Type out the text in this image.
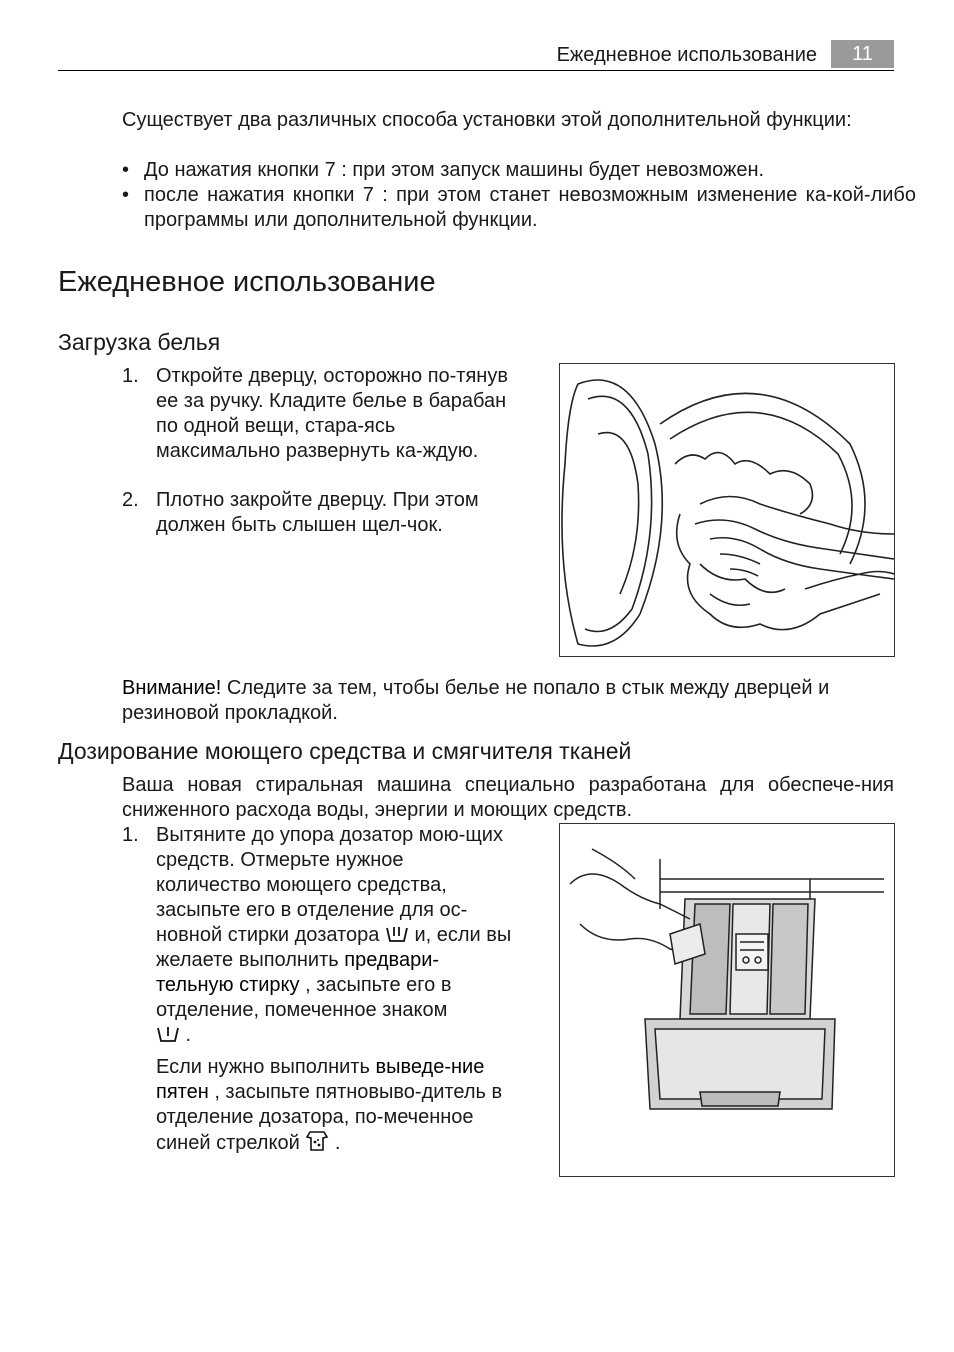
Ежедневное использование	11
Существует два различных способа установки этой дополнительной функции:
• До нажатия кнопки 7 : при этом запуск машины будет невозможен.
• после нажатия кнопки 7 : при этом станет невозможным изменение ка-кой-либо программы или дополнительной функции.
Ежедневное использование
Загрузка белья
1. Откройте дверцу, осторожно по-тянув ее за ручку. Кладите белье в барабан по одной вещи, стара-ясь максимально развернуть ка-ждую.
2. Плотно закройте дверцу. При этом должен быть слышен щел-чок.
Внимание! Следите за тем, чтобы белье не попало в стык между дверцей и резиновой прокладкой.
Дозирование моющего средства и смягчителя тканей
Ваша новая стиральная машина специально разработана для обеспече-ния сниженного расхода воды, энергии и моющих средств.
1. Вытяните до упора дозатор мою-щих средств. Отмерьте нужное количество моющего средства, засыпьте его в отделение для ос-новной стирки дозатора  и, если вы желаете выполнить предвари-тельную стирку , засыпьте его в отделение, помеченное знаком
.
Если нужно выполнить выведе-ние пятен , засыпьте пятновыво-дитель в отделение дозатора, по-меченное синей стрелкой  .
